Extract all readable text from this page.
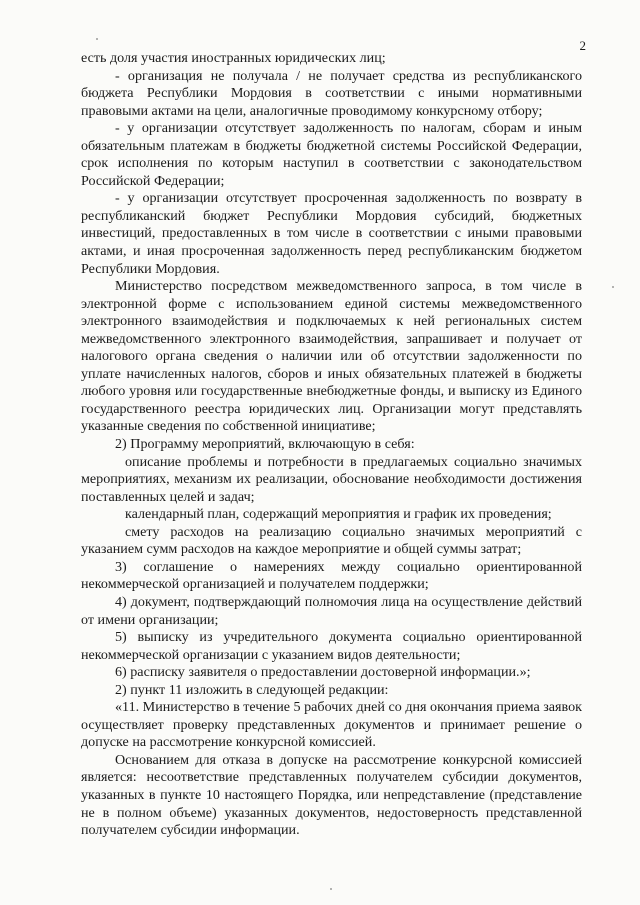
2

есть доля участия иностранных юридических лиц;

- организация не получала / не получает средства из республиканского бюджета Республики Мордовия в соответствии с иными нормативными правовыми актами на цели, аналогичные проводимому конкурсному отбору;

- у организации отсутствует задолженность по налогам, сборам и иным обязательным платежам в бюджеты бюджетной системы Российской Федерации, срок исполнения по которым наступил в соответствии с законодательством Российской Федерации;

- у организации отсутствует просроченная задолженность по возврату в республиканский бюджет Республики Мордовия субсидий, бюджетных инвестиций, предоставленных в том числе в соответствии с иными правовыми актами, и иная просроченная задолженность перед республиканским бюджетом Республики Мордовия.

Министерство посредством межведомственного запроса, в том числе в электронной форме с использованием единой системы межведомственного электронного взаимодействия и подключаемых к ней региональных систем межведомственного электронного взаимодействия, запрашивает и получает от налогового органа сведения о наличии или об отсутствии задолженности по уплате начисленных налогов, сборов и иных обязательных платежей в бюджеты любого уровня или государственные внебюджетные фонды, и выписку из Единого государственного реестра юридических лиц. Организации могут представлять указанные сведения по собственной инициативе;

2) Программу мероприятий, включающую в себя:

описание проблемы и потребности в предлагаемых социально значимых мероприятиях, механизм их реализации, обоснование необходимости достижения поставленных целей и задач;

календарный план, содержащий мероприятия и график их проведения;

смету расходов на реализацию социально значимых мероприятий с указанием сумм расходов на каждое мероприятие и общей суммы затрат;

3) соглашение о намерениях между социально ориентированной некоммерческой организацией и получателем поддержки;

4) документ, подтверждающий полномочия лица на осуществление действий от имени организации;

5) выписку из учредительного документа социально ориентированной некоммерческой организации с указанием видов деятельности;

6) расписку заявителя о предоставлении достоверной информации.»;

2) пункт 11 изложить в следующей редакции:

«11. Министерство в течение 5 рабочих дней со дня окончания приема заявок осуществляет проверку представленных документов и принимает решение о допуске на рассмотрение конкурсной комиссией.

Основанием для отказа в допуске на рассмотрение конкурсной комиссией является: несоответствие представленных получателем субсидии документов, указанных в пункте 10 настоящего Порядка, или непредставление (представление не в полном объеме) указанных документов, недостоверность представленной получателем субсидии информации.
